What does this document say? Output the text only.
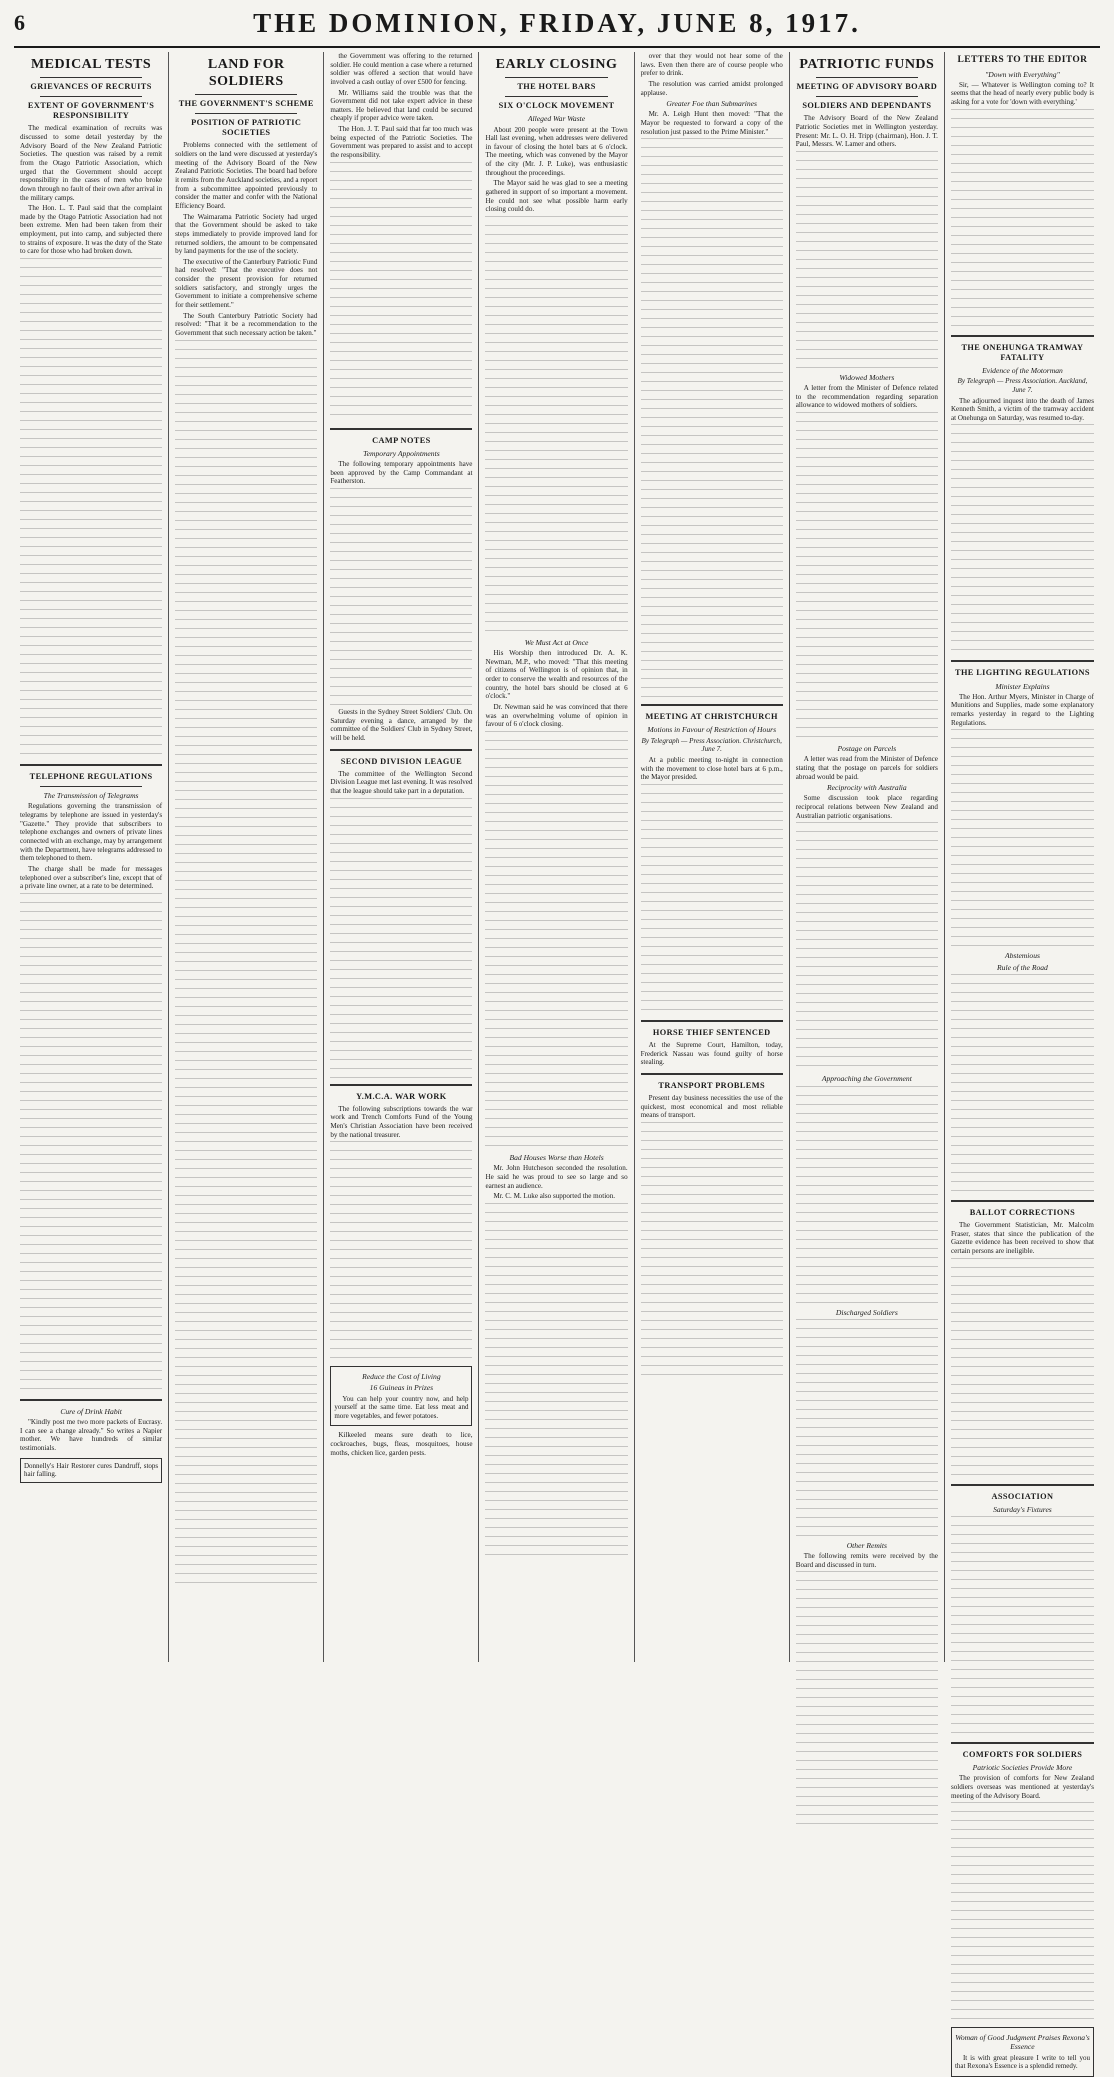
6	THE DOMINION, FRIDAY, JUNE 8, 1917.
MEDICAL TESTS
GRIEVANCES OF RECRUITS
EXTENT OF GOVERNMENT'S RESPONSIBILITY

The medical examination of recruits was discussed to some detail yesterday by the Advisory Board of the New Zealand Patriotic Societies. The question was raised by a remit from the Otago Patriotic Association, which urged that the Government should accept responsibility in the cases of men who broke down through no fault of their own after arrival in the military camps.

The Hon. L. T. Paul said that the complaint made by the Otago Patriotic Association had not been extreme. Men had been taken from their employment, put into camp, and subjected there to strains of exposure. It was the duty of the State to care for those who had broken down.

TELEPHONE REGULATIONS
The Transmission of Telegrams

Regulations governing the transmission of telegrams by telephone are issued in yesterday's "Gazette." They provide that subscribers to telephone exchanges and owners of private lines connected with an exchange, may by arrangement with the Department, have telegrams addressed to them telephoned to them.

The charge shall be made for messages telephoned over a subscriber's line, except that of a private line owner, at a rate to be determined.

Cure of Drink Habit

"Kindly post me two more packets of Eucrasy. I can see a change already." So writes a Napier mother. We have hundreds of similar testimonials.

Donnelly's Hair Restorer cures Dandruff, stops hair falling.
LAND FOR SOLDIERS
THE GOVERNMENT'S SCHEME
POSITION OF PATRIOTIC SOCIETIES

Problems connected with the settlement of soldiers on the land were discussed at yesterday's meeting of the Advisory Board of the New Zealand Patriotic Societies. The board had before it remits from the Auckland societies, and a report from a subcommittee appointed previously to consider the matter and confer with the National Efficiency Board.

The Waimarama Patriotic Society had urged that the Government should be asked to take steps immediately to provide improved land for returned soldiers, the amount to be compensated by land payments for the use of the society.

The executive of the Canterbury Patriotic Fund had resolved: "That the executive does not consider the present provision for returned soldiers satisfactory, and strongly urges the Government to initiate a comprehensive scheme for their settlement."

The South Canterbury Patriotic Society had resolved: "That it be a recommendation to the Government that such necessary action be taken."

the Government was offering to the returned soldier. He could mention a case where a returned soldier was offered a section that would have involved a cash outlay of over £500 for fencing.

Mr. Williams said the trouble was that the Government did not take expert advice in these matters. He believed that land could be secured cheaply if proper advice were taken.

The Hon. J. T. Paul said that far too much was being expected of the Patriotic Societies. The Government was prepared to assist and to accept the responsibility.

CAMP NOTES
Temporary Appointments

The following temporary appointments have been approved by the Camp Commandant at Featherston.

Guests in the Sydney Street Soldiers' Club. On Saturday evening a dance, arranged by the committee of the Soldiers' Club in Sydney Street, will be held.

SECOND DIVISION LEAGUE

The committee of the Wellington Second Division League met last evening. It was resolved that the league should take part in a deputation.

Y.M.C.A. WAR WORK

The following subscriptions towards the war work and Trench Comforts Fund of the Young Men's Christian Association have been received by the national treasurer.

Reduce the Cost of Living
16 Guineas in Prizes

You can help your country now, and help yourself at the same time. Eat less meat and more vegetables, and fewer potatoes.

Kilkeeled means sure death to lice, cockroaches, bugs, fleas, mosquitoes, house moths, chicken lice, garden pests.

EARLY CLOSING
THE HOTEL BARS
SIX O'CLOCK MOVEMENT
Alleged War Waste

About 200 people were present at the Town Hall last evening, when addresses were delivered in favour of closing the hotel bars at 6 o'clock. The meeting, which was convened by the Mayor of the city (Mr. J. P. Luke), was enthusiastic throughout the proceedings.

The Mayor said he was glad to see a meeting gathered in support of so important a movement. He could not see what possible harm early closing could do.

We Must Act at Once

His Worship then introduced Dr. A. K. Newman, M.P., who moved: "That this meeting of citizens of Wellington is of opinion that, in order to conserve the wealth and resources of the country, the hotel bars should be closed at 6 o'clock."

Dr. Newman said he was convinced that there was an overwhelming volume of opinion in favour of 6 o'clock closing.

Bad Houses Worse than Hotels

Mr. John Hutcheson seconded the resolution. He said he was proud to see so large and so earnest an audience.

Mr. C. M. Luke also supported the motion.

over that they would not hear some of the laws. Even then there are of course people who prefer to drink.

The resolution was carried amidst prolonged applause.

Greater Foe than Submarines

Mr. A. Leigh Hunt then moved: "That the Mayor be requested to forward a copy of the resolution just passed to the Prime Minister."

MEETING AT CHRISTCHURCH
Motions in Favour of Restriction of Hours
By Telegraph — Press Association. Christchurch, June 7.

At a public meeting to-night in connection with the movement to close hotel bars at 6 p.m., the Mayor presided.

HORSE THIEF SENTENCED

At the Supreme Court, Hamilton, today, Frederick Nassau was found guilty of horse stealing.

TRANSPORT PROBLEMS

Present day business necessities the use of the quickest, most economical and most reliable means of transport.

PATRIOTIC FUNDS
MEETING OF ADVISORY BOARD
SOLDIERS AND DEPENDANTS

The Advisory Board of the New Zealand Patriotic Societies met in Wellington yesterday. Present: Mr. L. O. H. Tripp (chairman), Hon. J. T. Paul, Messrs. W. Lamer and others.

Widowed Mothers

A letter from the Minister of Defence related to the recommendation regarding separation allowance to widowed mothers of soldiers.

Postage on Parcels

A letter was read from the Minister of Defence stating that the postage on parcels for soldiers abroad would be paid.

Reciprocity with Australia

Some discussion took place regarding reciprocal relations between New Zealand and Australian patriotic organisations.

Approaching the Government
Discharged Soldiers
Other Remits

The following remits were received by the Board and discussed in turn.

LETTERS TO THE EDITOR
"Down with Everything"

Sir, — Whatever is Wellington coming to? It seems that the head of nearly every public body is asking for a vote for 'down with everything.'

THE ONEHUNGA TRAMWAY FATALITY
Evidence of the Motorman
By Telegraph — Press Association. Auckland, June 7.

The adjourned inquest into the death of James Kenneth Smith, a victim of the tramway accident at Onehunga on Saturday, was resumed to-day.

THE LIGHTING REGULATIONS
Minister Explains

The Hon. Arthur Myers, Minister in Charge of Munitions and Supplies, made some explanatory remarks yesterday in regard to the Lighting Regulations.

Abstemious
Rule of the Road
BALLOT CORRECTIONS

The Government Statistician, Mr. Malcolm Fraser, states that since the publication of the Gazette evidence has been received to show that certain persons are ineligible.

ASSOCIATION
Saturday's Fixtures
COMFORTS FOR SOLDIERS
Patriotic Societies Provide More

The provision of comforts for New Zealand soldiers overseas was mentioned at yesterday's meeting of the Advisory Board.

Woman of Good Judgment Praises Rexona's Essence

It is with great pleasure I write to tell you that Rexona's Essence is a splendid remedy.
